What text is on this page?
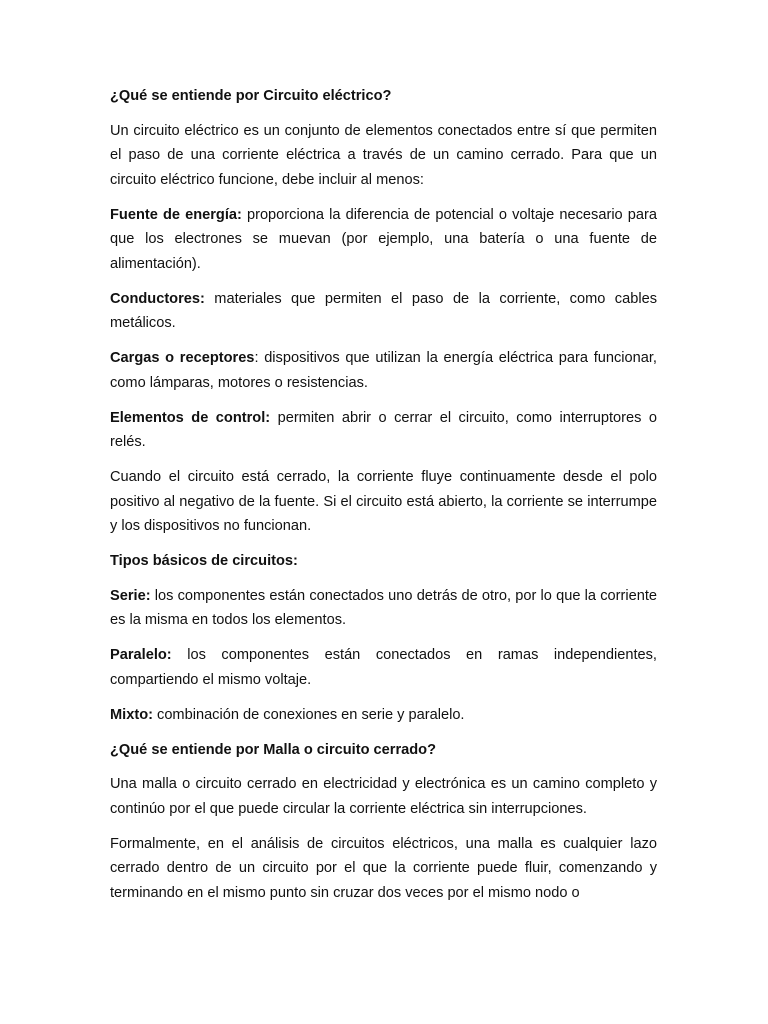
¿Qué se entiende por Circuito eléctrico?

Un circuito eléctrico es un conjunto de elementos conectados entre sí que permiten el paso de una corriente eléctrica a través de un camino cerrado. Para que un circuito eléctrico funcione, debe incluir al menos:

Fuente de energía: proporciona la diferencia de potencial o voltaje necesario para que los electrones se muevan (por ejemplo, una batería o una fuente de alimentación).

Conductores: materiales que permiten el paso de la corriente, como cables metálicos.

Cargas o receptores: dispositivos que utilizan la energía eléctrica para funcionar, como lámparas, motores o resistencias.

Elementos de control: permiten abrir o cerrar el circuito, como interruptores o relés.

Cuando el circuito está cerrado, la corriente fluye continuamente desde el polo positivo al negativo de la fuente. Si el circuito está abierto, la corriente se interrumpe y los dispositivos no funcionan.

Tipos básicos de circuitos:

Serie: los componentes están conectados uno detrás de otro, por lo que la corriente es la misma en todos los elementos.

Paralelo: los componentes están conectados en ramas independientes, compartiendo el mismo voltaje.

Mixto: combinación de conexiones en serie y paralelo.

¿Qué se entiende por Malla o circuito cerrado?

Una malla o circuito cerrado en electricidad y electrónica es un camino completo y continúo por el que puede circular la corriente eléctrica sin interrupciones.

Formalmente, en el análisis de circuitos eléctricos, una malla es cualquier lazo cerrado dentro de un circuito por el que la corriente puede fluir, comenzando y terminando en el mismo punto sin cruzar dos veces por el mismo nodo o
